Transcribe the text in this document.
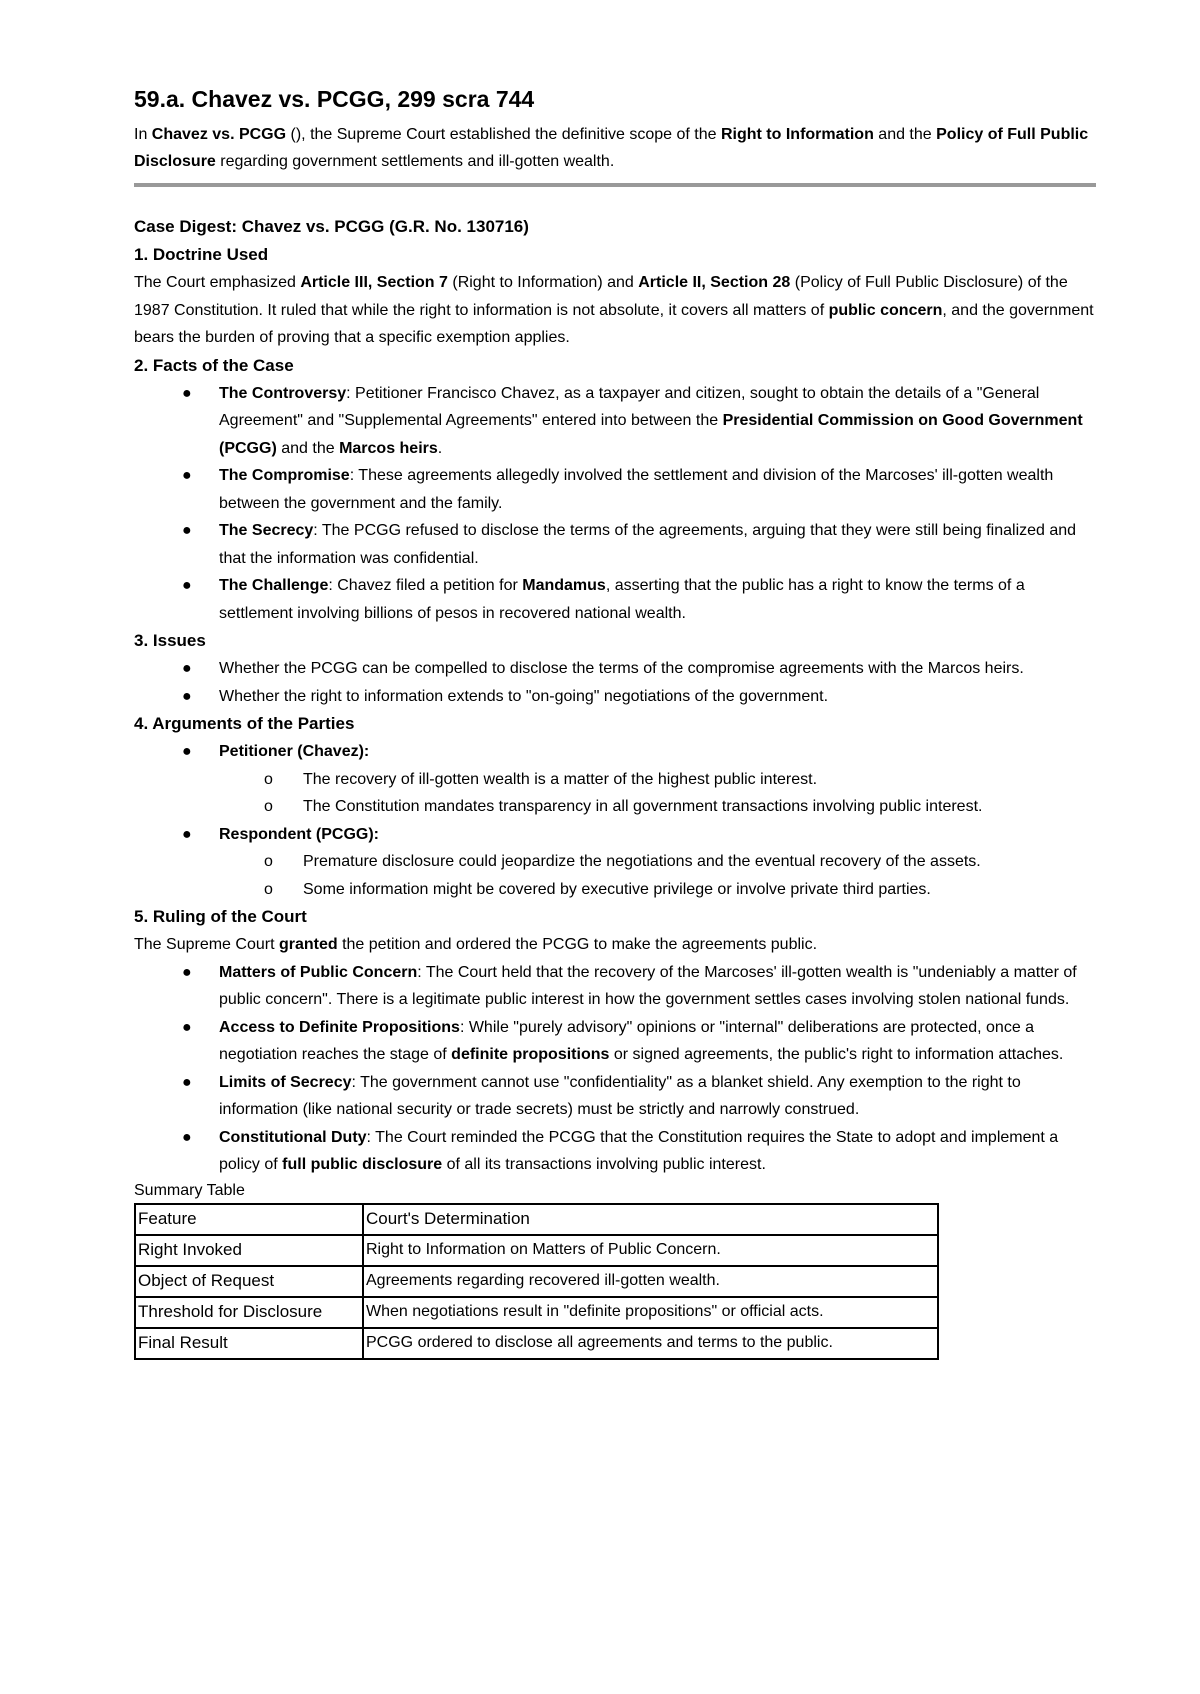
59.a. Chavez vs. PCGG, 299 scra 744

In Chavez vs. PCGG (), the Supreme Court established the definitive scope of the Right to Information and the Policy of Full Public Disclosure regarding government settlements and ill-gotten wealth.

Case Digest: Chavez vs. PCGG (G.R. No. 130716)

1. Doctrine Used

The Court emphasized Article III, Section 7 (Right to Information) and Article II, Section 28 (Policy of Full Public Disclosure) of the 1987 Constitution. It ruled that while the right to information is not absolute, it covers all matters of public concern, and the government bears the burden of proving that a specific exemption applies.

2. Facts of the Case

● The Controversy: Petitioner Francisco Chavez, as a taxpayer and citizen, sought to obtain the details of a "General Agreement" and "Supplemental Agreements" entered into between the Presidential Commission on Good Government (PCGG) and the Marcos heirs.
● The Compromise: These agreements allegedly involved the settlement and division of the Marcoses' ill-gotten wealth between the government and the family.
● The Secrecy: The PCGG refused to disclose the terms of the agreements, arguing that they were still being finalized and that the information was confidential.
● The Challenge: Chavez filed a petition for Mandamus, asserting that the public has a right to know the terms of a settlement involving billions of pesos in recovered national wealth.

3. Issues

● Whether the PCGG can be compelled to disclose the terms of the compromise agreements with the Marcos heirs.
● Whether the right to information extends to "on-going" negotiations of the government.

4. Arguments of the Parties

● Petitioner (Chavez):
o The recovery of ill-gotten wealth is a matter of the highest public interest.
o The Constitution mandates transparency in all government transactions involving public interest.
● Respondent (PCGG):
o Premature disclosure could jeopardize the negotiations and the eventual recovery of the assets.
o Some information might be covered by executive privilege or involve private third parties.

5. Ruling of the Court

The Supreme Court granted the petition and ordered the PCGG to make the agreements public.

● Matters of Public Concern: The Court held that the recovery of the Marcoses' ill-gotten wealth is "undeniably a matter of public concern". There is a legitimate public interest in how the government settles cases involving stolen national funds.
● Access to Definite Propositions: While "purely advisory" opinions or "internal" deliberations are protected, once a negotiation reaches the stage of definite propositions or signed agreements, the public's right to information attaches.
● Limits of Secrecy: The government cannot use "confidentiality" as a blanket shield. Any exemption to the right to information (like national security or trade secrets) must be strictly and narrowly construed.
● Constitutional Duty: The Court reminded the PCGG that the Constitution requires the State to adopt and implement a policy of full public disclosure of all its transactions involving public interest.

Summary Table

Feature	Court's Determination
Right Invoked	Right to Information on Matters of Public Concern.
Object of Request	Agreements regarding recovered ill-gotten wealth.
Threshold for Disclosure	When negotiations result in "definite propositions" or official acts.
Final Result	PCGG ordered to disclose all agreements and terms to the public.
